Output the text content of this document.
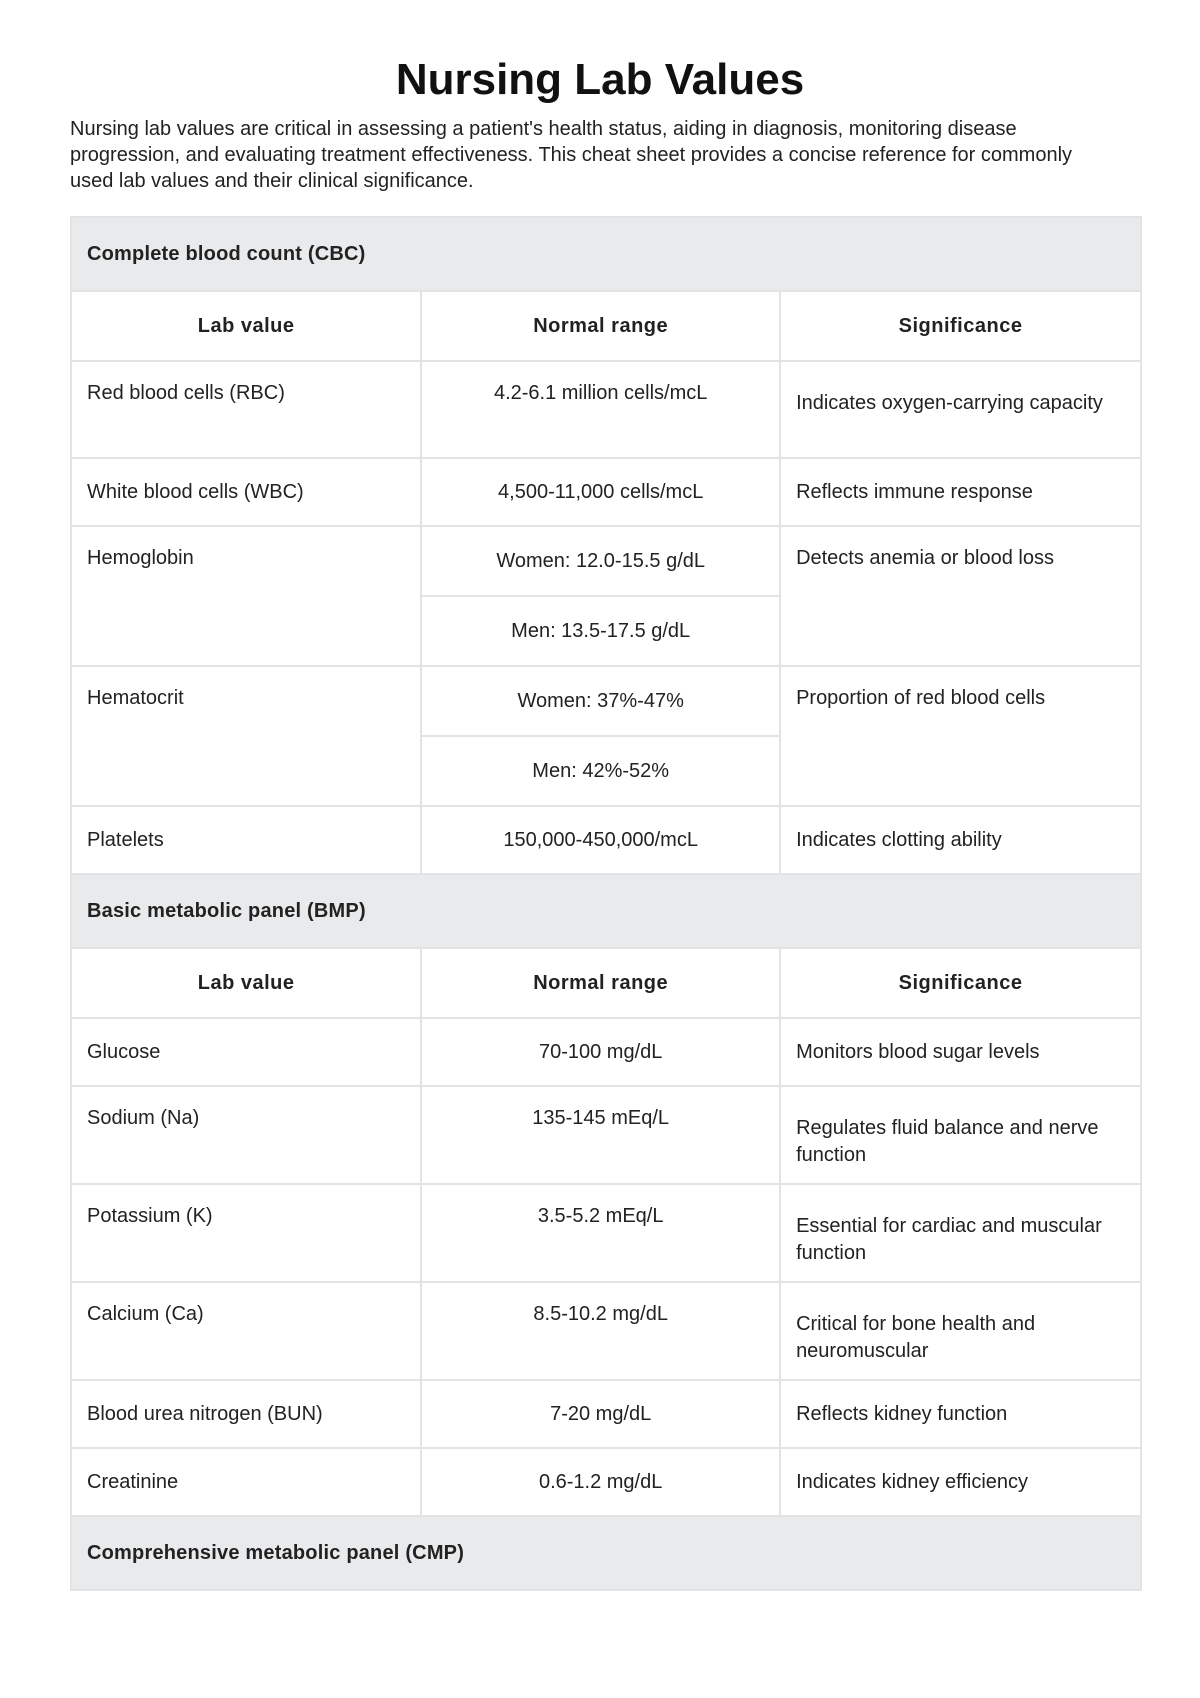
Nursing Lab Values

Nursing lab values are critical in assessing a patient's health status, aiding in diagnosis, monitoring disease progression, and evaluating treatment effectiveness. This cheat sheet provides a concise reference for commonly used lab values and their clinical significance.

Complete blood count (CBC)		
Lab value	Normal range	Significance
Red blood cells (RBC)	4.2-6.1 million cells/mcL	Indicates oxygen-carrying capacity
White blood cells (WBC)	4,500-11,000 cells/mcL	Reflects immune response
Hemoglobin	Women: 12.0-15.5 g/dL	Detects anemia or blood loss
	Men: 13.5-17.5 g/dL	
Hematocrit	Women: 37%-47%	Proportion of red blood cells
	Men: 42%-52%	
Platelets	150,000-450,000/mcL	Indicates clotting ability
Basic metabolic panel (BMP)		
Lab value	Normal range	Significance
Glucose	70-100 mg/dL	Monitors blood sugar levels
Sodium (Na)	135-145 mEq/L	Regulates fluid balance and nerve function
Potassium (K)	3.5-5.2 mEq/L	Essential for cardiac and muscular function
Calcium (Ca)	8.5-10.2 mg/dL	Critical for bone health and neuromuscular
Blood urea nitrogen (BUN)	7-20 mg/dL	Reflects kidney function
Creatinine	0.6-1.2 mg/dL	Indicates kidney efficiency
Comprehensive metabolic panel (CMP)		
